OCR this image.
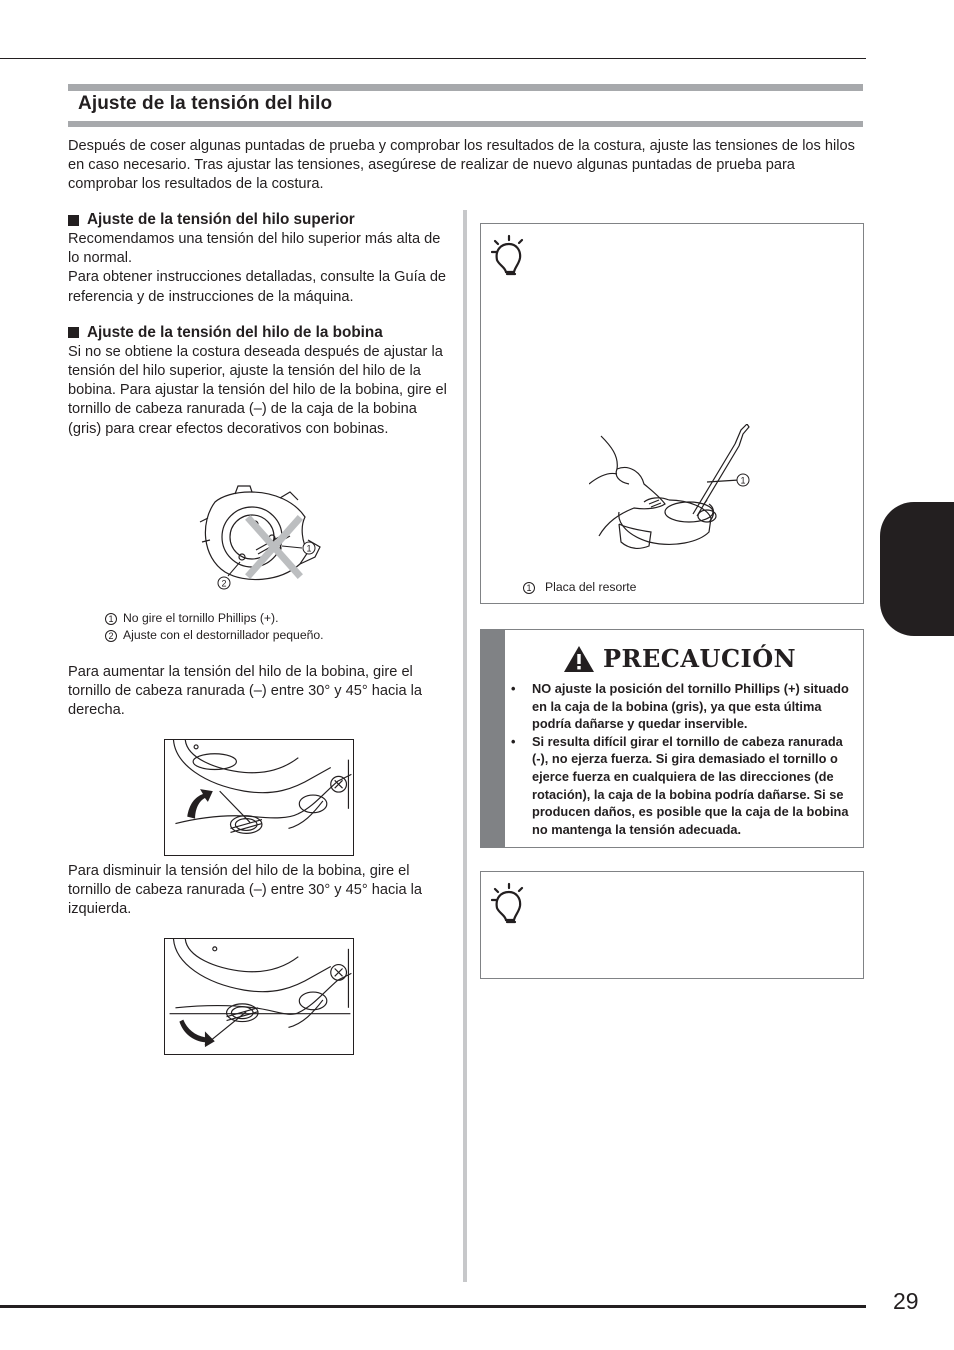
Ajuste de la tensión del hilo

Después de coser algunas puntadas de prueba y comprobar los resultados de la costura, ajuste las tensiones de los hilos en caso necesario. Tras ajustar las tensiones, asegúrese de realizar de nuevo algunas puntadas de prueba para comprobar los resultados de la costura.

Ajuste de la tensión del hilo superior

Recomendamos una tensión del hilo superior más alta de lo normal.

Para obtener instrucciones detalladas, consulte la Guía de referencia y de instrucciones de la máquina.

Ajuste de la tensión del hilo de la bobina

Si no se obtiene la costura deseada después de ajustar la tensión del hilo superior, ajuste la tensión del hilo de la bobina. Para ajustar la tensión del hilo de la bobina, gire el tornillo de cabeza ranurada (–) de la caja de la bobina (gris) para crear efectos decorativos con bobinas.

1
2
1 No gire el tornillo Phillips (+).
2 Ajuste con el destornillador pequeño.

Para aumentar la tensión del hilo de la bobina, gire el tornillo de cabeza ranurada (–) entre 30° y 45° hacia la derecha.

Para disminuir la tensión del hilo de la bobina, gire el tornillo de cabeza ranurada (–) entre 30° y 45° hacia la izquierda.

1
1 Placa del resorte
PRECAUCIÓN
• NO ajuste la posición del tornillo Phillips (+) situado en la caja de la bobina (gris), ya que esta última podría dañarse y quedar inservible.
• Si resulta difícil girar el tornillo de cabeza ranurada (-), no ejerza fuerza. Si gira demasiado el tornillo o ejerce fuerza en cualquiera de las direcciones (de rotación), la caja de la bobina podría dañarse. Si se producen daños, es posible que la caja de la bobina no mantenga la tensión adecuada.
29
